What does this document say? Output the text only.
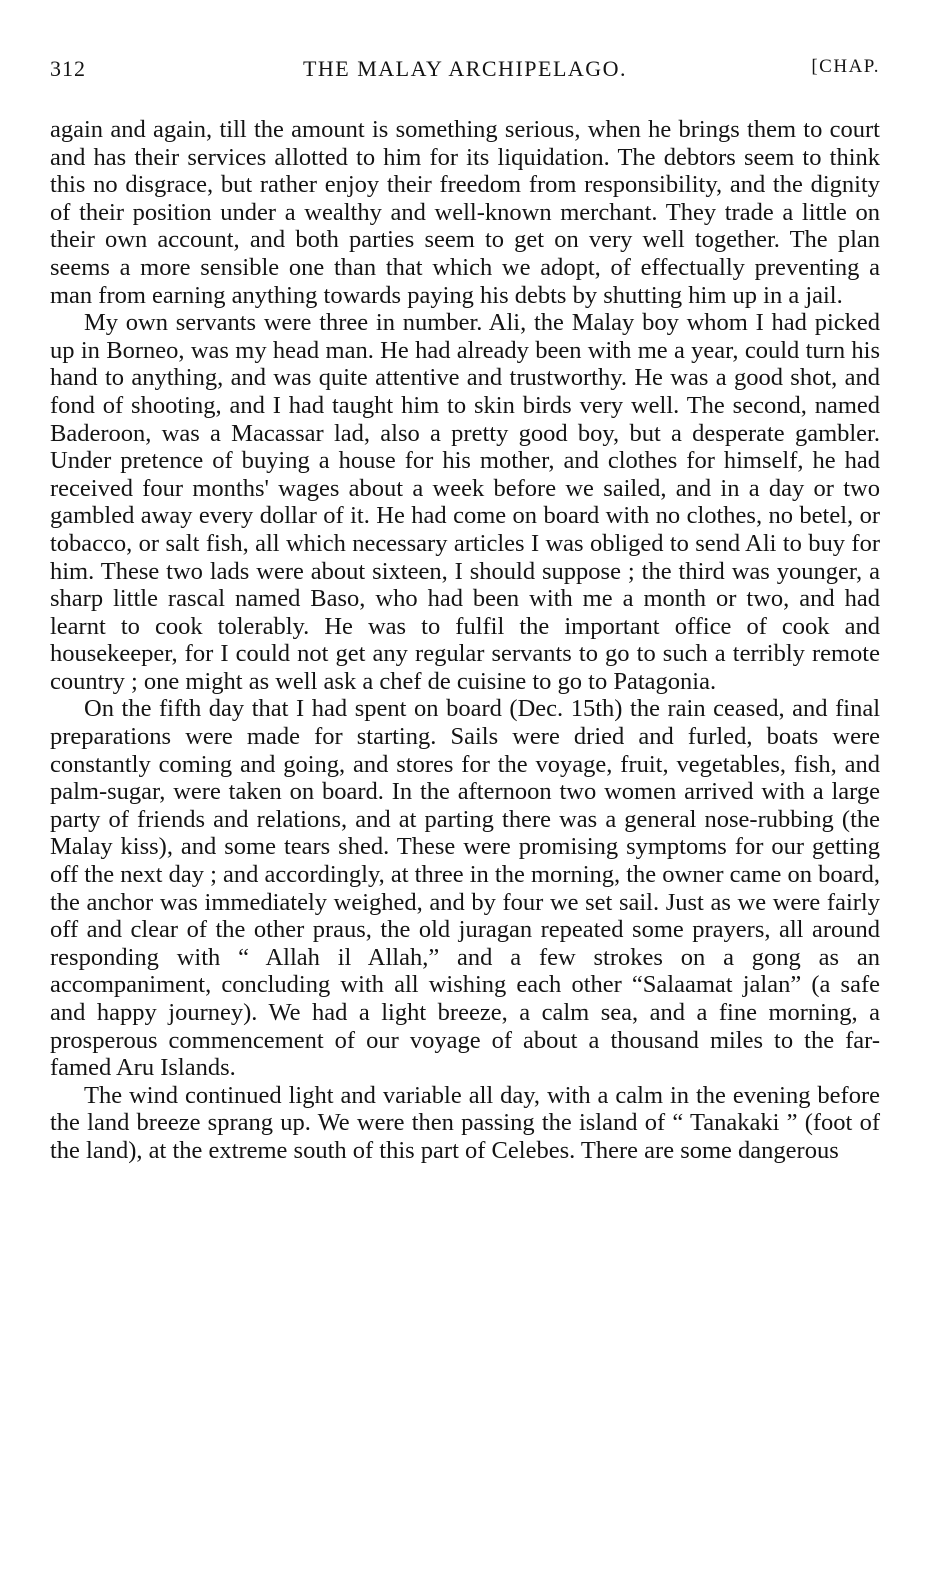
312	THE MALAY ARCHIPELAGO.	[CHAP.

again and again, till the amount is something serious, when he brings them to court and has their services allotted to him for its liquidation. The debtors seem to think this no disgrace, but rather enjoy their freedom from responsibility, and the dignity of their position under a wealthy and well-known merchant. They trade a little on their own account, and both parties seem to get on very well together. The plan seems a more sensible one than that which we adopt, of effectually preventing a man from earning anything towards paying his debts by shutting him up in a jail.

My own servants were three in number. Ali, the Malay boy whom I had picked up in Borneo, was my head man. He had already been with me a year, could turn his hand to anything, and was quite attentive and trustworthy. He was a good shot, and fond of shooting, and I had taught him to skin birds very well. The second, named Baderoon, was a Macassar lad, also a pretty good boy, but a desperate gambler. Under pretence of buying a house for his mother, and clothes for himself, he had received four months' wages about a week before we sailed, and in a day or two gambled away every dollar of it. He had come on board with no clothes, no betel, or tobacco, or salt fish, all which necessary articles I was obliged to send Ali to buy for him. These two lads were about sixteen, I should suppose ; the third was younger, a sharp little rascal named Baso, who had been with me a month or two, and had learnt to cook tolerably. He was to fulfil the important office of cook and housekeeper, for I could not get any regular servants to go to such a terribly remote country ; one might as well ask a chef de cuisine to go to Patagonia.

On the fifth day that I had spent on board (Dec. 15th) the rain ceased, and final preparations were made for starting. Sails were dried and furled, boats were constantly coming and going, and stores for the voyage, fruit, vegetables, fish, and palm-sugar, were taken on board. In the afternoon two women arrived with a large party of friends and relations, and at parting there was a general nose-rubbing (the Malay kiss), and some tears shed. These were promising symptoms for our getting off the next day ; and accordingly, at three in the morning, the owner came on board, the anchor was immediately weighed, and by four we set sail. Just as we were fairly off and clear of the other praus, the old juragan repeated some prayers, all around responding with “ Allah il Allah,” and a few strokes on a gong as an accompaniment, concluding with all wishing each other “Salaamat jalan” (a safe and happy journey). We had a light breeze, a calm sea, and a fine morning, a prosperous commencement of our voyage of about a thousand miles to the far-famed Aru Islands.

The wind continued light and variable all day, with a calm in the evening before the land breeze sprang up. We were then passing the island of “ Tanakaki ” (foot of the land), at the extreme south of this part of Celebes. There are some dangerous
